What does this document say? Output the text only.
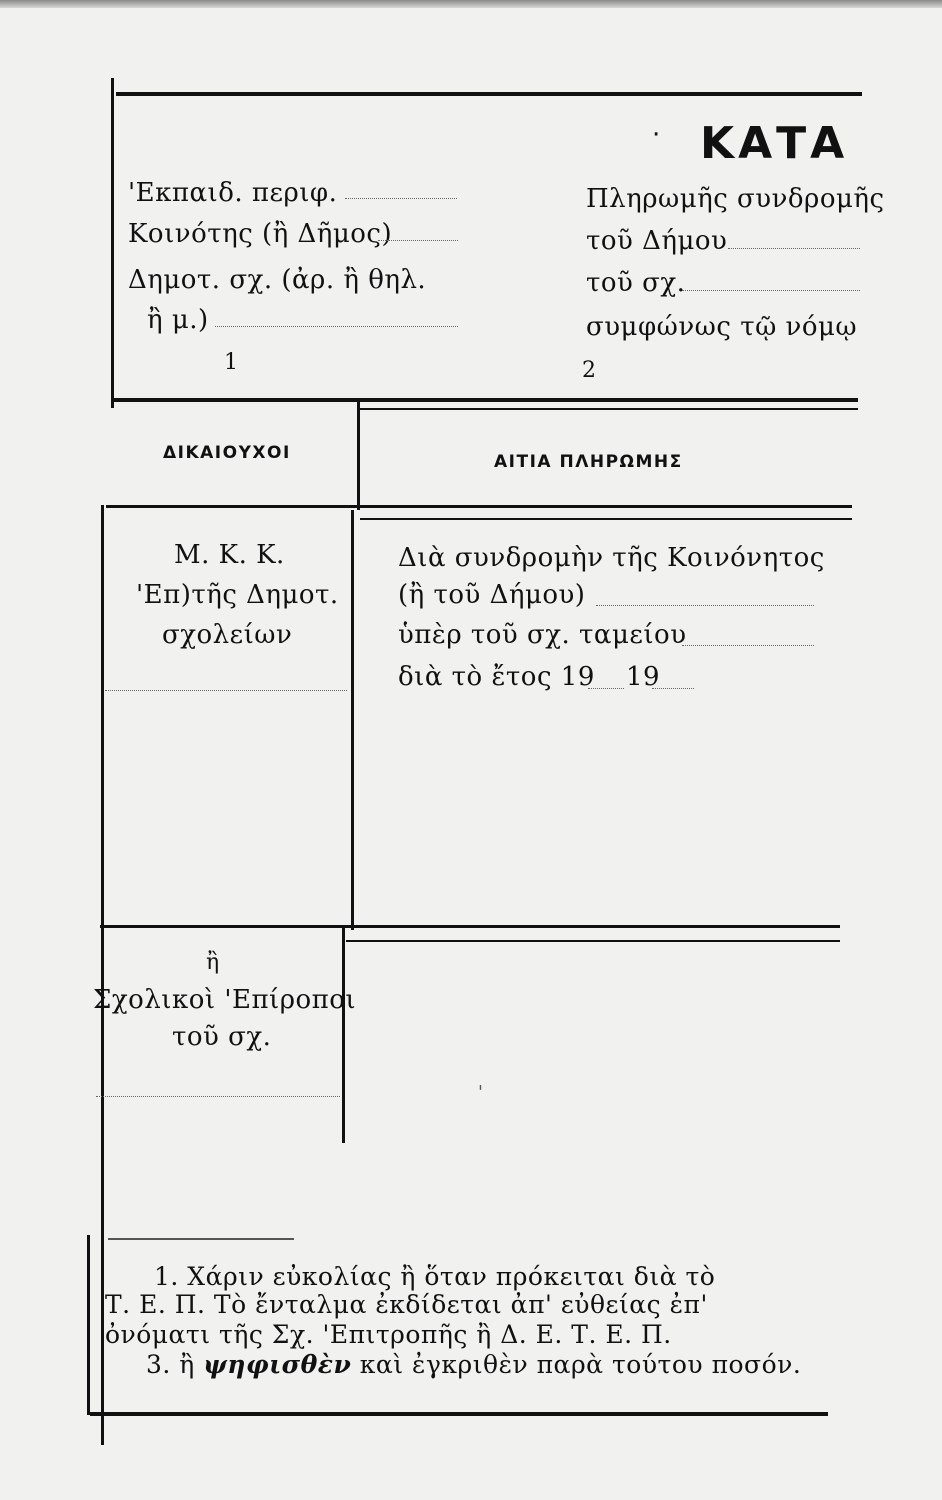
ΚΑΤΑ
·
'Εκπαιδ. περιφ.
Κοινότης (ἢ Δῆμος)
Δημοτ. σχ. (ἀρ. ἢ θηλ.
ἢ μ.)
1
Πληρωμῆς συνδρομῆς
τοῦ Δήμου
τοῦ σχ.
συμφώνως τῷ νόμῳ
2
ΔΙΚΑΙΟΥΧΟΙ	ΑΙΤΙΑ ΠΛΗΡΩΜΗΣ
Μ. Κ. Κ.
'Επ)τῆς Δημοτ.
σχολείων
Διὰ συνδρομὴν τῆς Κοινόνητος
(ἢ τοῦ Δήμου)
ὑπὲρ τοῦ σχ. ταμείου
διὰ τὸ ἔτος 19 19
ἢ
Σχολικοὶ 'Επίροποι
τοῦ σχ.
'
1. Χάριν εὐκολίας ἢ ὅταν πρόκειται διὰ τὸ
Τ. Ε. Π. Τὸ ἔνταλμα ἐκδίδεται ἀπ' εὐθείας ἐπ'
ὀνόματι τῆς Σχ. 'Επιτροπῆς ἢ Δ. Ε. Τ. Ε. Π.
3. ἢ ψηφισθὲν καὶ ἐγκριθὲν παρὰ τούτου ποσόν.
